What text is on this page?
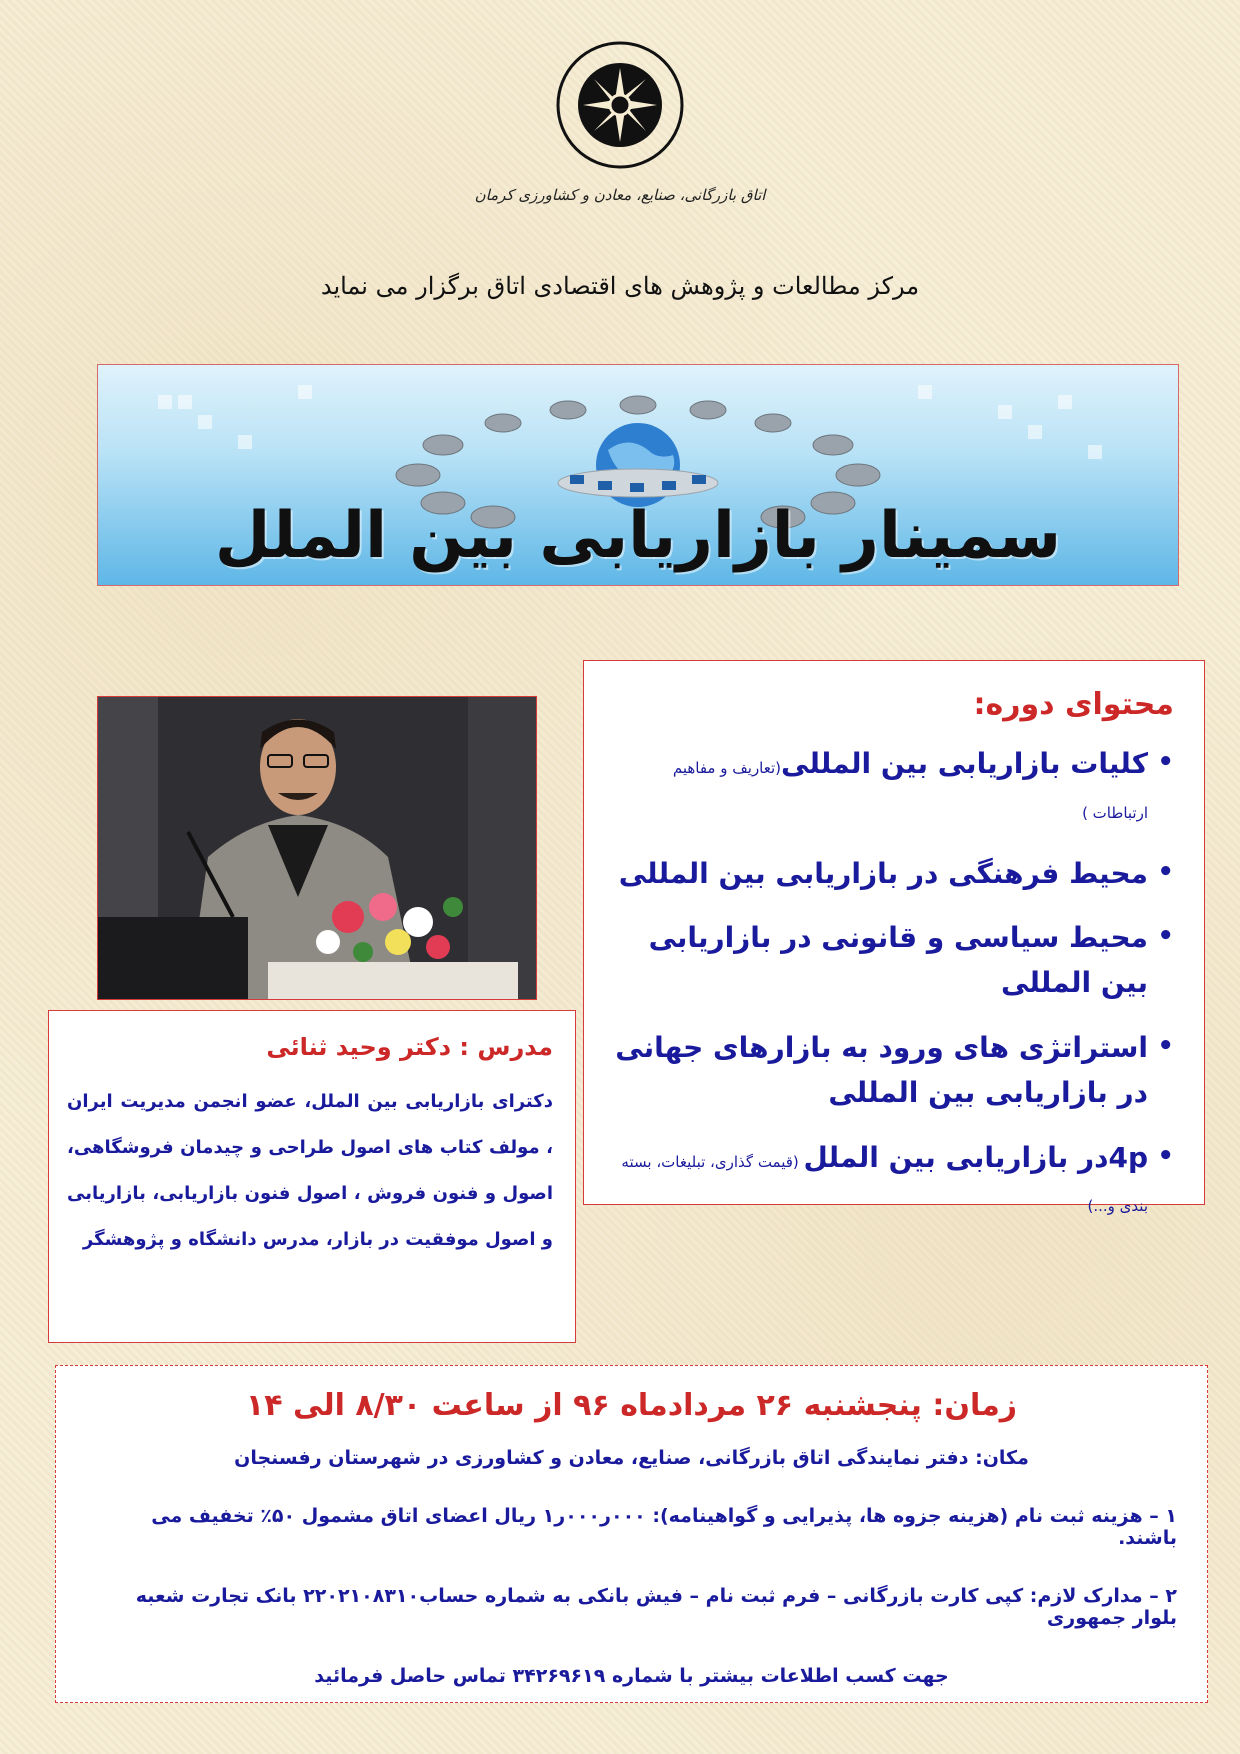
اتاق بازرگانی، صنایع، معادن و کشاورزی کرمان
مرکز مطالعات و پژوهش های اقتصادی اتاق برگزار می نماید
سمینار بازاریابی بین الملل
محتوای دوره:
• کلیات بازاریابی بین المللی(تعاریف و مفاهیم ارتباطات )
• محیط فرهنگی در بازاریابی بین المللی
• محیط سیاسی و قانونی در بازاریابی بین المللی
• استراتژی های ورود به بازارهای جهانی در بازاریابی بین المللی
• 4pدر بازاریابی بین الملل (قیمت گذاری، تبلیغات، بسته بندی و...)
مدرس : دکتر وحید ثنائی
دکترای بازاریابی بین الملل، عضو انجمن مدیریت ایران ، مولف کتاب های اصول طراحی و چیدمان فروشگاهی، اصول و فنون فروش ، اصول فنون بازاریابی، بازاریابی و اصول موفقیت در بازار، مدرس دانشگاه و پژوهشگر
زمان: پنجشنبه ۲۶ مردادماه ۹۶ از ساعت ۸/۳۰ الی ۱۴
مکان: دفتر نمایندگی اتاق بازرگانی، صنایع، معادن و کشاورزی در شهرستان رفسنجان
۱ – هزینه ثبت نام (هزینه جزوه ها، پذیرایی و گواهینامه): ۰۰۰ر۰۰۰ر۱ ریال اعضای اتاق مشمول ۵۰٪ تخفیف می باشند.
۲ – مدارک لازم: کپی کارت بازرگانی – فرم ثبت نام – فیش بانکی به شماره حساب۲۲۰۲۱۰۸۳۱۰ بانک تجارت شعبه بلوار جمهوری
جهت کسب اطلاعات بیشتر با شماره ۳۴۲۶۹۶۱۹ تماس حاصل فرمائید
